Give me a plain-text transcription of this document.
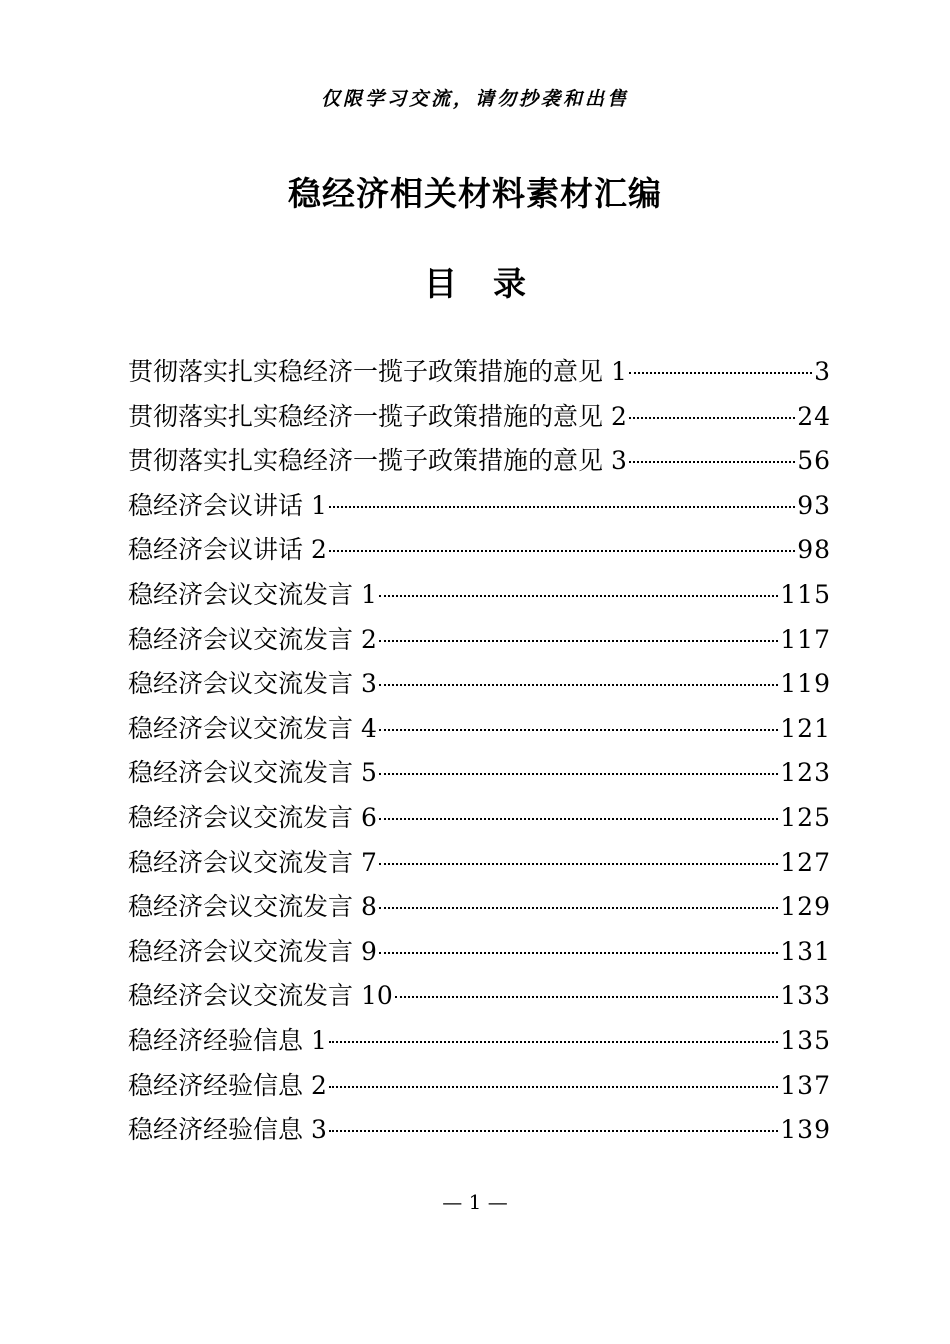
仅限学习交流，请勿抄袭和出售
稳经济相关材料素材汇编
目录
贯彻落实扎实稳经济一揽子政策措施的意见 1	3
贯彻落实扎实稳经济一揽子政策措施的意见 2	24
贯彻落实扎实稳经济一揽子政策措施的意见 3	56
稳经济会议讲话 1	93
稳经济会议讲话 2	98
稳经济会议交流发言 1	115
稳经济会议交流发言 2	117
稳经济会议交流发言 3	119
稳经济会议交流发言 4	121
稳经济会议交流发言 5	123
稳经济会议交流发言 6	125
稳经济会议交流发言 7	127
稳经济会议交流发言 8	129
稳经济会议交流发言 9	131
稳经济会议交流发言 10	133
稳经济经验信息 1	135
稳经济经验信息 2	137
稳经济经验信息 3	139
— 1 —
